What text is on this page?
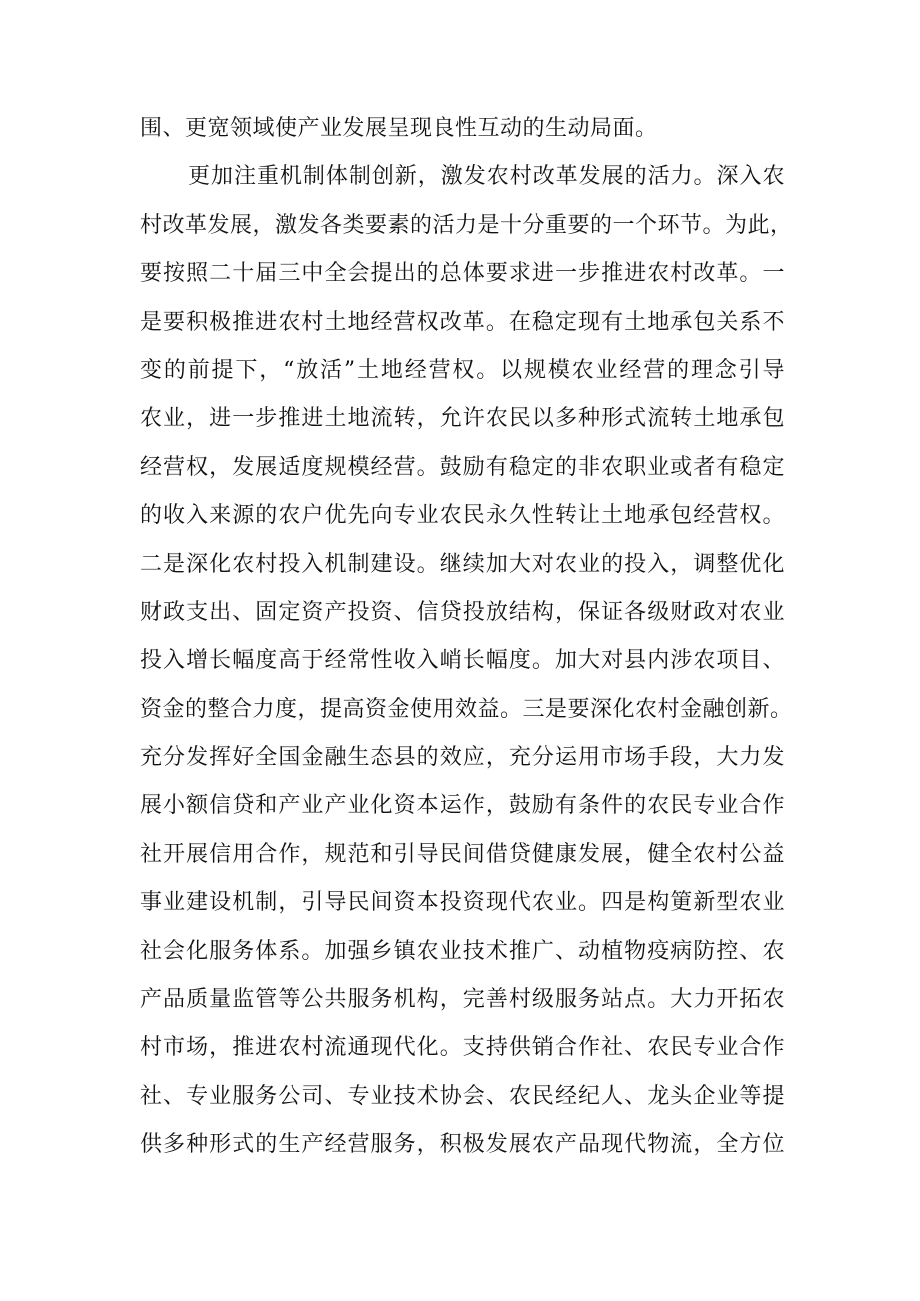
围、更宽领域使产业发展呈现良性互动的生动局面。
更加注重机制体制创新，激发农村改革发展的活力。深入农
村改革发展，激发各类要素的活力是十分重要的一个环节。为此，
要按照二十届三中全会提出的总体要求进一步推进农村改革。一
是要积极推进农村土地经营权改革。在稳定现有土地承包关系不
变的前提下，“放活”土地经营权。以规模农业经营的理念引导
农业，进一步推进土地流转，允许农民以多种形式流转土地承包
经营权，发展适度规模经营。鼓励有稳定的非农职业或者有稳定
的收入来源的农户优先向专业农民永久性转让土地承包经营权。
二是深化农村投入机制建设。继续加大对农业的投入，调整优化
财政支出、固定资产投资、信贷投放结构，保证各级财政对农业
投入增长幅度高于经常性收入峭长幅度。加大对县内涉农项目、
资金的整合力度，提高资金使用效益。三是要深化农村金融创新。
充分发挥好全国金融生态县的效应，充分运用市场手段，大力发
展小额信贷和产业产业化资本运作，鼓励有条件的农民专业合作
社开展信用合作，规范和引导民间借贷健康发展，健全农村公益
事业建设机制，引导民间资本投资现代农业。四是构筻新型农业
社会化服务体系。加强乡镇农业技术推广、动植物疫病防控、农
产品质量监管等公共服务机构，完善村级服务站点。大力开拓农
村市场，推进农村流通现代化。支持供销合作社、农民专业合作
社、专业服务公司、专业技术协会、农民经纪人、龙头企业等提
供多种形式的生产经营服务，积极发展农产品现代物流，全方位
